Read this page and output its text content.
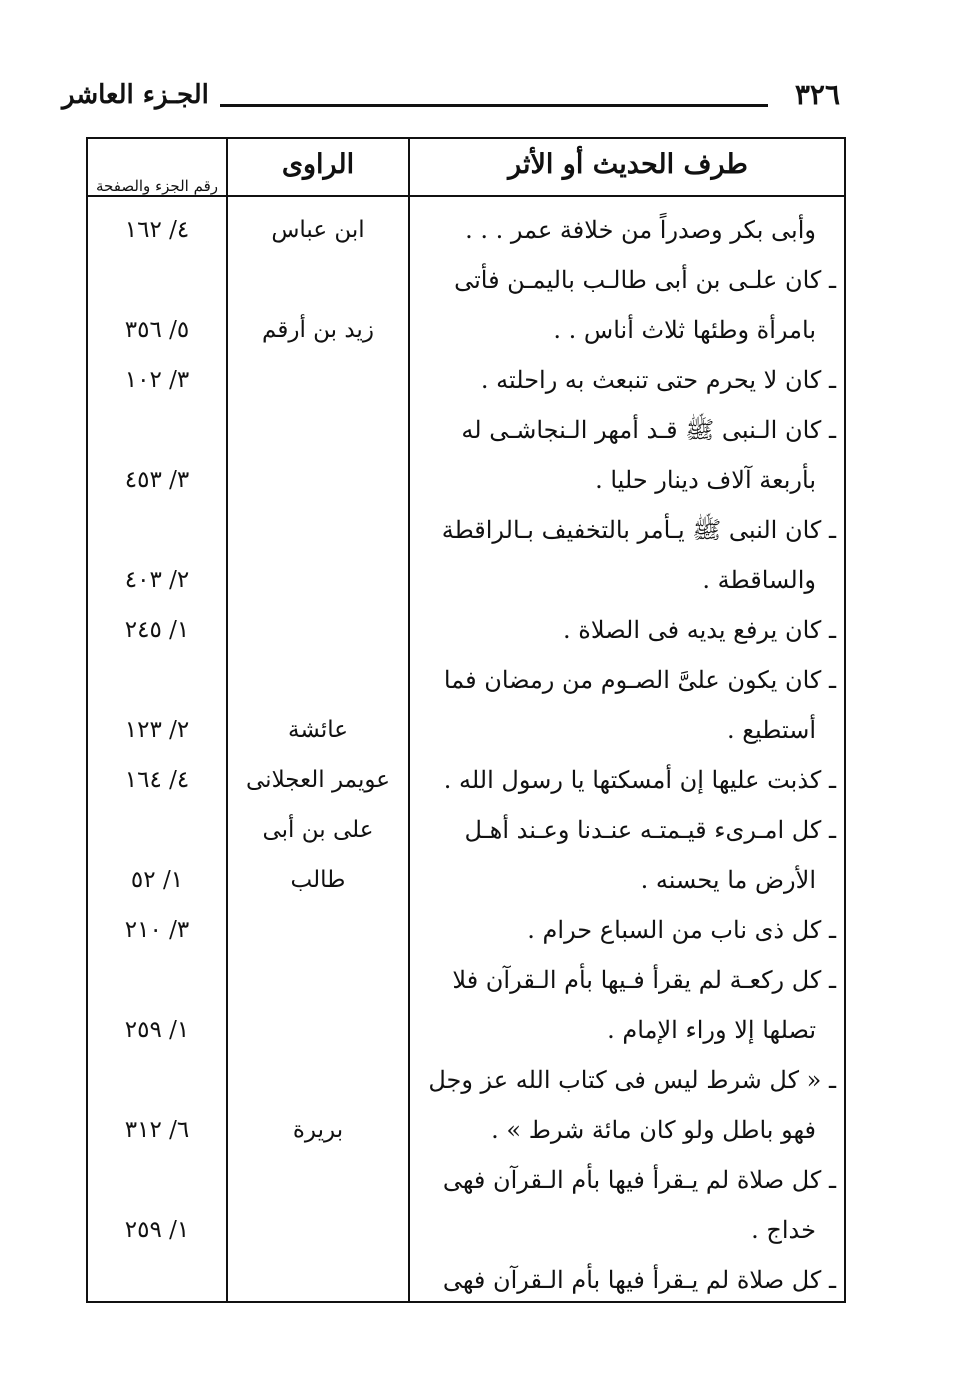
الجـزء العاشر	٣٢٦
رقم الجزء والصفحة
الراوى	طرف الحديث أو الأثر
وأبى بكر وصدراً من خلافة عمر . . .
ـ كان علـى بن أبى طالـب باليمـن فأتى
بامرأة وطئها ثلاث أناس . .
ـ كان لا يحرم حتى تنبعث به راحلته .
ـ كان الـنبى ﷺ قـد أمهر الـنجاشـى له
بأربعة آلاف دينار حليا .
ـ كان النبى ﷺ يـأمر بالتخفيف بـالراقطة
والساقطة .
ـ كان يرفع يديه فى الصلاة .
ـ كان يكون علىَّ الصـوم من رمضان فما
أستطيع .
ـ كذبت عليها إن أمسكتها يا رسول الله .
ـ كل امـرىء قيـمتـه عنـدنا وعـند أهـل
الأرض ما يحسنه .
ـ كل ذى ناب من السباع حرام .
ـ كل ركعـة لم يقرأ فـيها بأم الـقرآن فلا
تصلها إلا وراء الإمام .
ـ « كل شرط ليس فى كتاب الله عز وجل
فهو باطل ولو كان مائة شرط » .
ـ كل صلاة لم يـقرأ فيها بأم الـقرآن فهى
خداج .
ـ كل صلاة لم يـقرأ فيها بأم الـقرآن فهى
ابن عباس
زيد بن أرقم
عائشة
عويمر العجلانى
على بن أبى
طالب
بريرة
٤/ ١٦٢
٥/ ٣٥٦
٣/ ١٠٢
٣/ ٤٥٣
٢/ ٤٠٣
١/ ٢٤٥
٢/ ١٢٣
٤/ ١٦٤
١/ ٥٢
٣/ ٢١٠
١/ ٢٥٩
٦/ ٣١٢
١/ ٢٥٩
